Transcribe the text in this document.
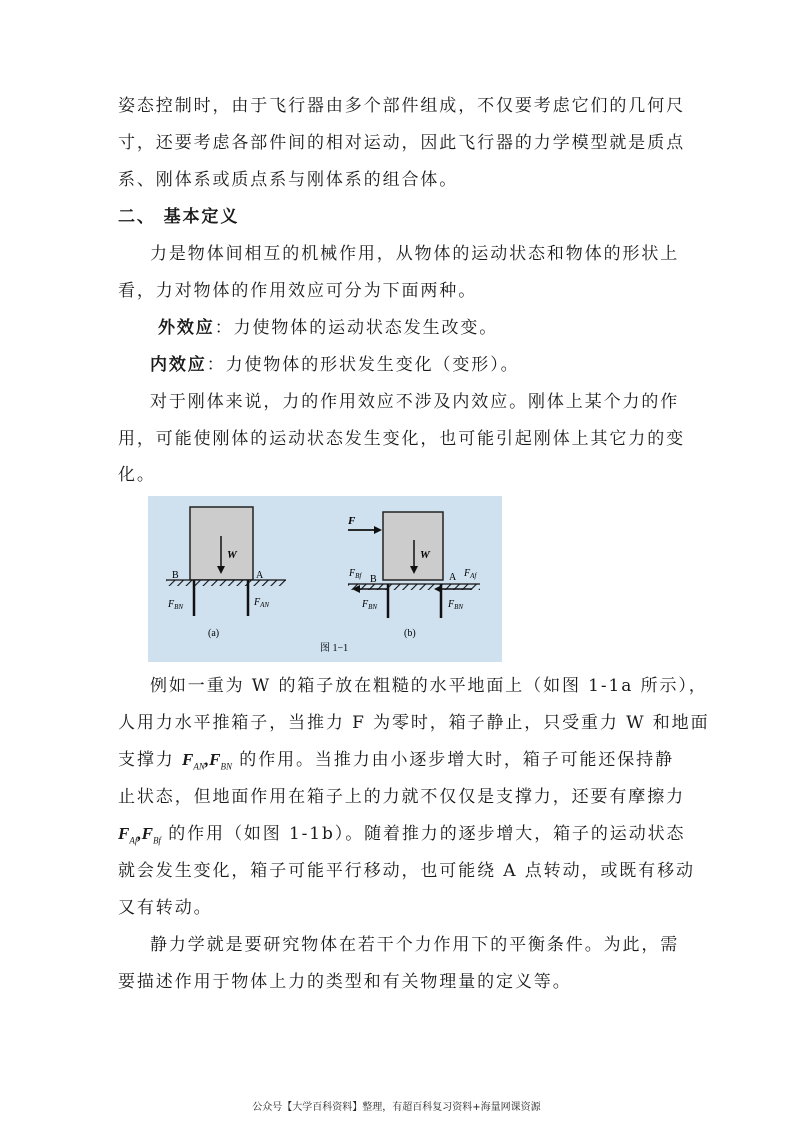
姿态控制时，由于飞行器由多个部件组成，不仅要考虑它们的几何尺
寸，还要考虑各部件间的相对运动，因此飞行器的力学模型就是质点
系、刚体系或质点系与刚体系的组合体。
二、 基本定义
力是物体间相互的机械作用，从物体的运动状态和物体的形状上
看，力对物体的作用效应可分为下面两种。
外效应：力使物体的运动状态发生改变。
内效应：力使物体的形状发生变化（变形）。
对于刚体来说，力的作用效应不涉及内效应。刚体上某个力的作
用，可能使刚体的运动状态发生变化，也可能引起刚体上其它力的变
化。
W
B	A
$F_{BN}$	$F_{AN}$
(a)
F
W
B	A
$F_{Bf}$	$F_{Af}$
$F_{BN}$	$F_{BN}$
(b)
图 1−1
例如一重为 W 的箱子放在粗糙的水平地面上（如图 1-1a 所示），
人用力水平推箱子，当推力 F 为零时，箱子静止，只受重力 W 和地面
支撑力 $F_{AN},F_{BN}$ 的作用。当推力由小逐步增大时，箱子可能还保持静
止状态，但地面作用在箱子上的力就不仅仅是支撑力，还要有摩擦力
$F_{Af},F_{Bf}$ 的作用（如图 1-1b）。随着推力的逐步增大，箱子的运动状态
就会发生变化，箱子可能平行移动，也可能绕 A 点转动，或既有移动
又有转动。
静力学就是要研究物体在若干个力作用下的平衡条件。为此，需
要描述作用于物体上力的类型和有关物理量的定义等。
公众号【大学百科资料】整理，有超百科复习资料+海量网课资源
